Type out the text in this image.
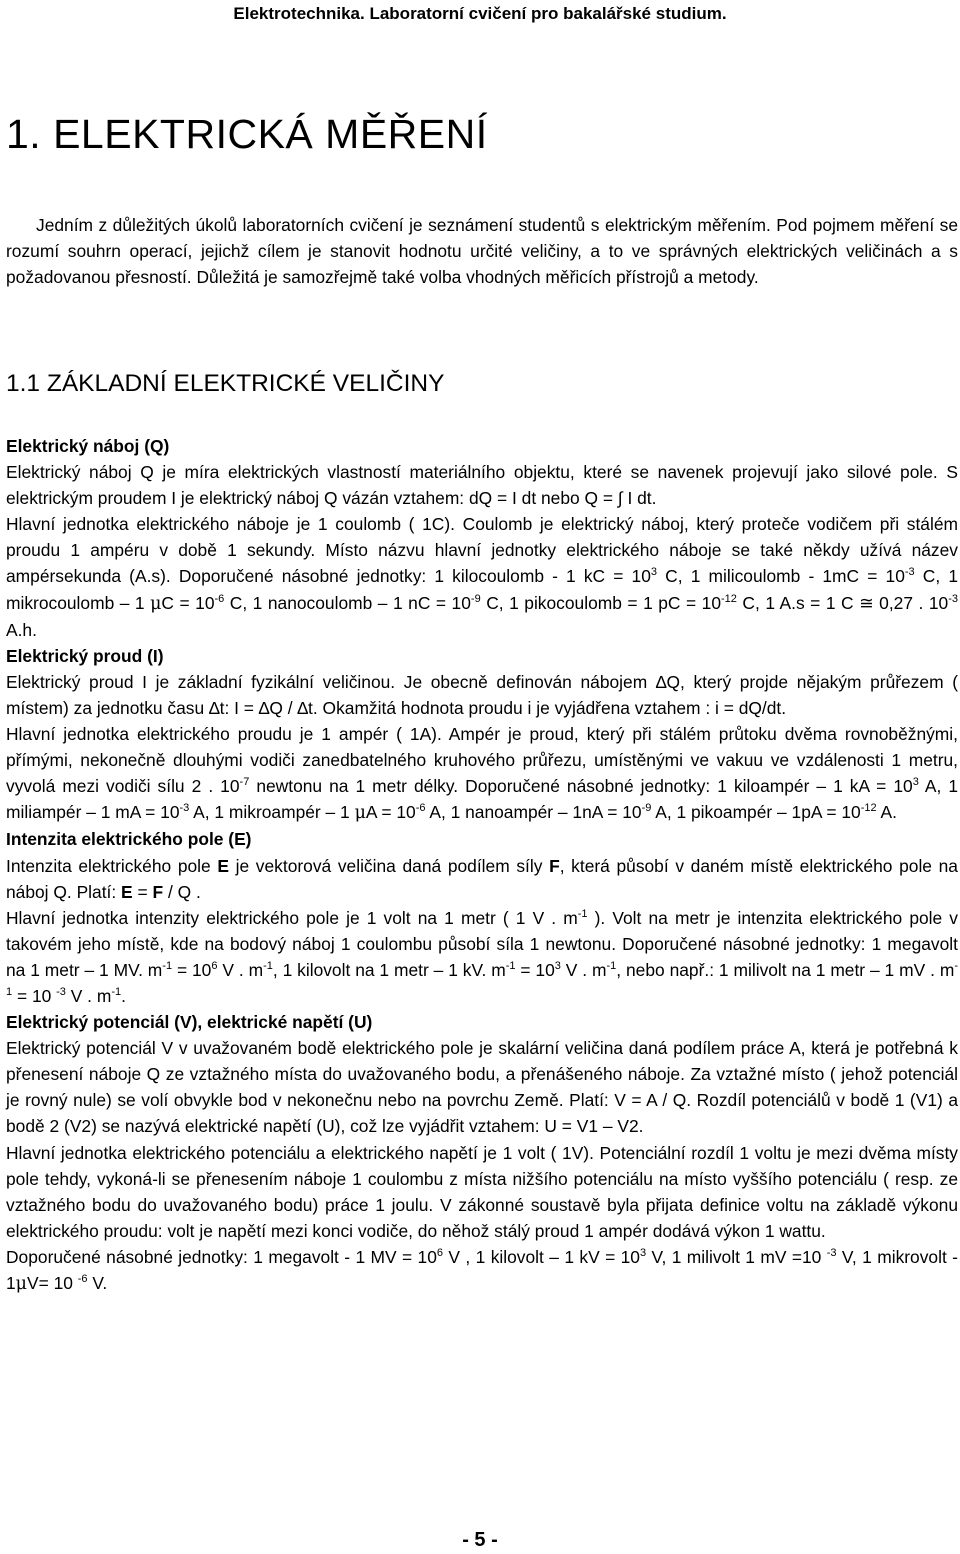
Elektrotechnika. Laboratorní cvičení pro bakalářské studium.
1. ELEKTRICKÁ MĚŘENÍ

Jedním z důležitých úkolů laboratorních cvičení je seznámení studentů s elektrickým měřením. Pod pojmem měření se rozumí souhrn operací, jejichž cílem je stanovit hodnotu určité veličiny, a to ve správných elektrických veličinách a s požadovanou přesností. Důležitá je samozřejmě také volba vhodných měřicích přístrojů a metody.

1.1 ZÁKLADNÍ ELEKTRICKÉ VELIČINY

Elektrický náboj (Q)

Elektrický náboj Q je míra elektrických vlastností materiálního objektu, které se navenek projevují jako silové pole. S elektrickým proudem I je elektrický náboj Q vázán vztahem: dQ = I dt nebo Q = ∫ I dt.

Hlavní jednotka elektrického náboje je 1 coulomb ( 1C). Coulomb je elektrický náboj, který proteče vodičem při stálém proudu 1 ampéru v době 1 sekundy. Místo názvu hlavní jednotky elektrického náboje se také někdy užívá název ampérsekunda (A.s). Doporučené násobné jednotky: 1 kilocoulomb - 1 kC = $10^3$ C, 1 milicoulomb - $1mC = 10^{-3}$ C, 1 mikrocoulomb – 1 $\mu C = 10^{-6}$ C, 1 nanocoulomb – 1 nC = $10^{-9}$ C, 1 pikocoulomb = 1 pC = $10^{-12}$ C, 1 A.s = 1 C ≅ 0,27 . $10^{-3}$ A.h.

Elektrický proud (I)

Elektrický proud I je základní fyzikální veličinou. Je obecně definován nábojem ∆Q, který projde nějakým průřezem ( místem) za jednotku času ∆t: I = ∆Q / ∆t. Okamžitá hodnota proudu i je vyjádřena vztahem : i = dQ/dt.

Hlavní jednotka elektrického proudu je 1 ampér ( 1A). Ampér je proud, který při stálém průtoku dvěma rovnoběžnými, přímými, nekonečně dlouhými vodiči zanedbatelného kruhového průřezu, umístěnými ve vakuu ve vzdálenosti 1 metru, vyvolá mezi vodiči sílu 2 . $10^{-7}$ newtonu na 1 metr délky. Doporučené násobné jednotky: 1 kiloampér – 1 kA = $10^3$ A, 1 miliampér – 1 mA = $10^{-3}$ A, 1 mikroampér – 1 $\mu A = 10^{-6}$ A, 1 nanoampér – $1nA = 10^{-9}$ A, 1 pikoampér – $1pA = 10^{-12}$ A.

Intenzita elektrického pole (E)

Intenzita elektrického pole E je vektorová veličina daná podílem síly F, která působí v daném místě elektrického pole na náboj Q. Platí: E = F / Q .

Hlavní jednotka intenzity elektrického pole je 1 volt na 1 metr ( 1 V . $m^{-1}$ ). Volt na metr je intenzita elektrického pole v takovém jeho místě, kde na bodový náboj 1 coulombu působí síla 1 newtonu. Doporučené násobné jednotky: 1 megavolt na 1 metr – 1 MV. $m^{-1} = 10^6$ V . $m^{-1}$, 1 kilovolt na 1 metr – 1 kV. $m^{-1} = 10^3$ V . $m^{-1}$, nebo např.: 1 milivolt na 1 metr – 1 mV . $m^{-1} = 10$ $^{-3}$ V . $m^{-1}$.

Elektrický potenciál (V), elektrické napětí (U)

Elektrický potenciál V v uvažovaném bodě elektrického pole je skalární veličina daná podílem práce A, která je potřebná k přenesení náboje Q ze vztažného místa do uvažovaného bodu, a přenášeného náboje. Za vztažné místo ( jehož potenciál je rovný nule) se volí obvykle bod v nekonečnu nebo na povrchu Země. Platí: V = A / Q. Rozdíl potenciálů v bodě 1 (V1) a bodě 2 (V2) se nazývá elektrické napětí (U), což lze vyjádřit vztahem: U = V1 – V2.

Hlavní jednotka elektrického potenciálu a elektrického napětí je 1 volt ( 1V). Potenciální rozdíl 1 voltu je mezi dvěma místy pole tehdy, vykoná-li se přenesením náboje 1 coulombu z místa nižšího potenciálu na místo vyššího potenciálu ( resp. ze vztažného bodu do uvažovaného bodu) práce 1 joulu. V zákonné soustavě byla přijata definice voltu na základě výkonu elektrického proudu: volt je napětí mezi konci vodiče, do něhož stálý proud 1 ampér dodává výkon 1 wattu.

Doporučené násobné jednotky: 1 megavolt - 1 MV = $10^6$ V , 1 kilovolt – 1 kV = $10^3$ V, 1 milivolt 1 mV =10 $^{-3}$ V, 1 mikrovolt - 1μV= 10 $^{-6}$ V.

- 5 -
